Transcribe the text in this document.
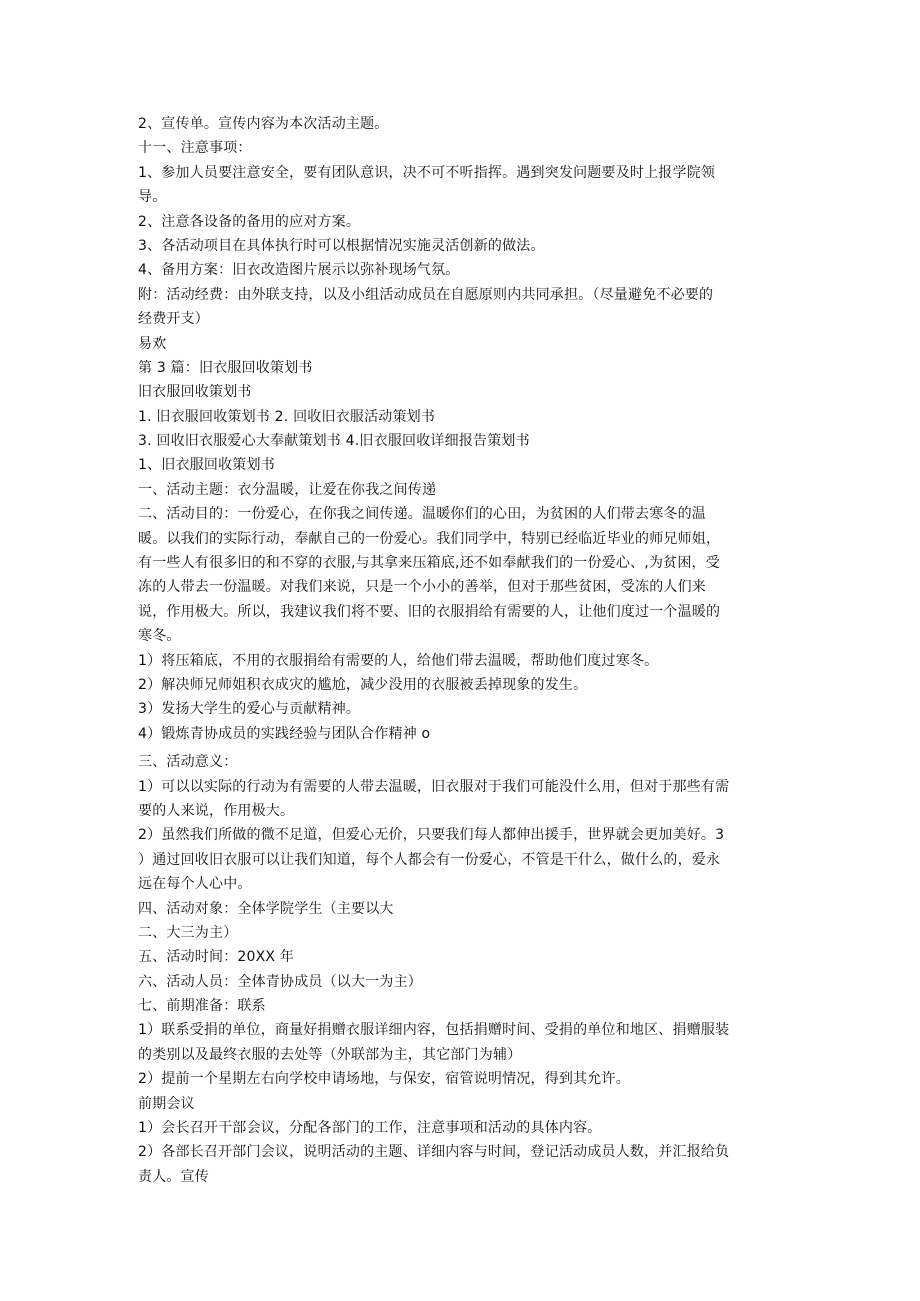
2、宣传单。宣传内容为本次活动主题。
十一、注意事项：
1、参加人员要注意安全，要有团队意识，决不可不听指挥。遇到突发问题要及时上报学院领
导。
2、注意各设备的备用的应对方案。
3、各活动项目在具体执行时可以根据情况实施灵活创新的做法。
4、备用方案：旧衣改造图片展示以弥补现场气氛。
附：活动经费：由外联支持，以及小组活动成员在自愿原则内共同承担。（尽量避免不必要的
经费开支）
易欢
第 3 篇：旧衣服回收策划书
旧衣服回收策划书
1. 旧衣服回收策划书 2. 回收旧衣服活动策划书
3. 回收旧衣服爱心大奉献策划书 4.旧衣服回收详细报告策划书
1、旧衣服回收策划书
一、活动主题：衣分温暖，让爱在你我之间传递
二、活动目的：一份爱心，在你我之间传递。温暖你们的心田，为贫困的人们带去寒冬的温
暖。以我们的实际行动，奉献自己的一份爱心。我们同学中，特别已经临近毕业的师兄师姐，
有一些人有很多旧的和不穿的衣服,与其拿来压箱底,还不如奉献我们的一份爱心、,为贫困，受
冻的人带去一份温暖。对我们来说，只是一个小小的善举，但对于那些贫困，受冻的人们来
说，作用极大。所以，我建议我们将不要、旧的衣服捐给有需要的人，让他们度过一个温暖的
寒冬。
1）将压箱底，不用的衣服捐给有需要的人，给他们带去温暖，帮助他们度过寒冬。
2）解决师兄师姐积衣成灾的尴尬，减少没用的衣服被丢掉现象的发生。
3）发扬大学生的爱心与贡献精神。
4）锻炼青协成员的实践经验与团队合作精神 o
三、活动意义：
1）可以以实际的行动为有需要的人带去温暖，旧衣服对于我们可能没什么用，但对于那些有需
要的人来说，作用极大。
2）虽然我们所做的微不足道，但爱心无价，只要我们每人都伸出援手，世界就会更加美好。3
）通过回收旧衣服可以让我们知道，每个人都会有一份爱心，不管是干什么，做什么的，爱永
远在每个人心中。
四、活动对象：全体学院学生（主要以大
二、大三为主）
五、活动时间：20XX 年
六、活动人员：全体青协成员（以大一为主）
七、前期准备：联系
1）联系受捐的单位，商量好捐赠衣服详细内容，包括捐赠时间、受捐的单位和地区、捐赠服装
的类别以及最终衣服的去处等（外联部为主，其它部门为辅）
2）提前一个星期左右向学校申请场地，与保安，宿管说明情况，得到其允许。
前期会议
1）会长召开干部会议，分配各部门的工作，注意事项和活动的具体内容。
2）各部长召开部门会议，说明活动的主题、详细内容与时间，登记活动成员人数，并汇报给负
责人。宣传
